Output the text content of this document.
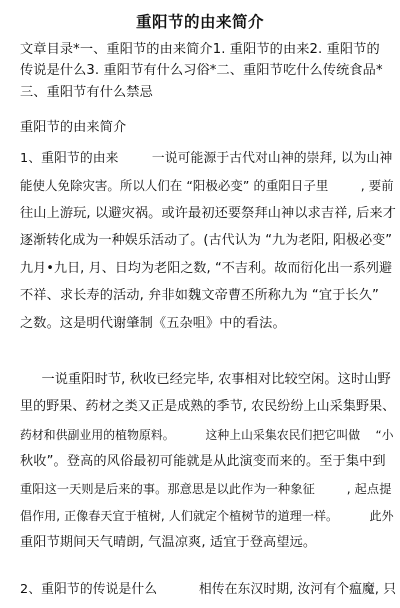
重阳节的由来简介
文章目录*一、重阳节的由来简介1. 重阳节的由来2. 重阳节的
传说是什么3. 重阳节有什么习俗*二、重阳节吃什么传统食品*
三、重阳节有什么禁忌
重阳节的由来简介
1、重阳节的由来        一说可能源于古代对山神的崇拜, 以为山神
能使人免除灾害。所以人们在 “阳极必变” 的重阳日子里        , 要前
往山上游玩, 以避灾祸。或许最初还要祭拜山神以求吉祥, 后来才
逐渐转化成为一种娱乐活动了。(古代认为 “九为老阳, 阳极必变”
九月•九日, 月、日均为老阳之数, “不吉利。故而衍化出一系列避
不祥、求长寿的活动, 弁非如魏文帝曹丕所称九为 “宜于长久”
之数。这是明代谢肇制《五杂咀》中的看法。
一说重阳时节, 秋收已经完毕, 农事相对比较空闲。这时山野
里的野果、药材之类又正是成熟的季节, 农民纷纷上山采集野果、
药材和供副业用的植物原料。        这种上山采集农民们把它叫做    “小
秋收”。登高的风俗最初可能就是从此演变而来的。至于集中到
重阳这一天则是后来的事。那意思是以此作为一种象征        , 起点提
倡作用, 正像春天宜于植树, 人们就定个植树节的道理一样。        此外
重阳节期间天气晴朗, 气温凉爽, 适宜于登高望远。
2、重阳节的传说是什么          相传在东汉时期, 汝河有个瘟魔, 只
